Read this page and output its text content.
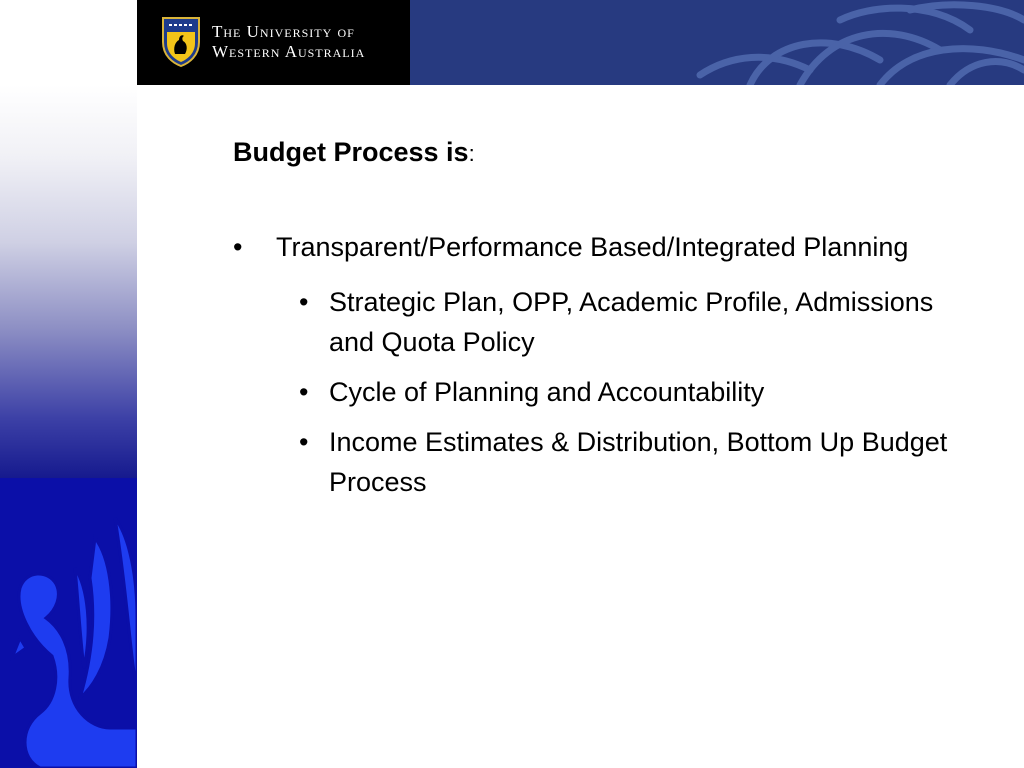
The University of
Western Australia
Budget Process is:
• Transparent/Performance Based/Integrated Planning
• Strategic Plan, OPP, Academic Profile, Admissions and Quota Policy
• Cycle of Planning and Accountability
• Income Estimates & Distribution, Bottom Up Budget Process
